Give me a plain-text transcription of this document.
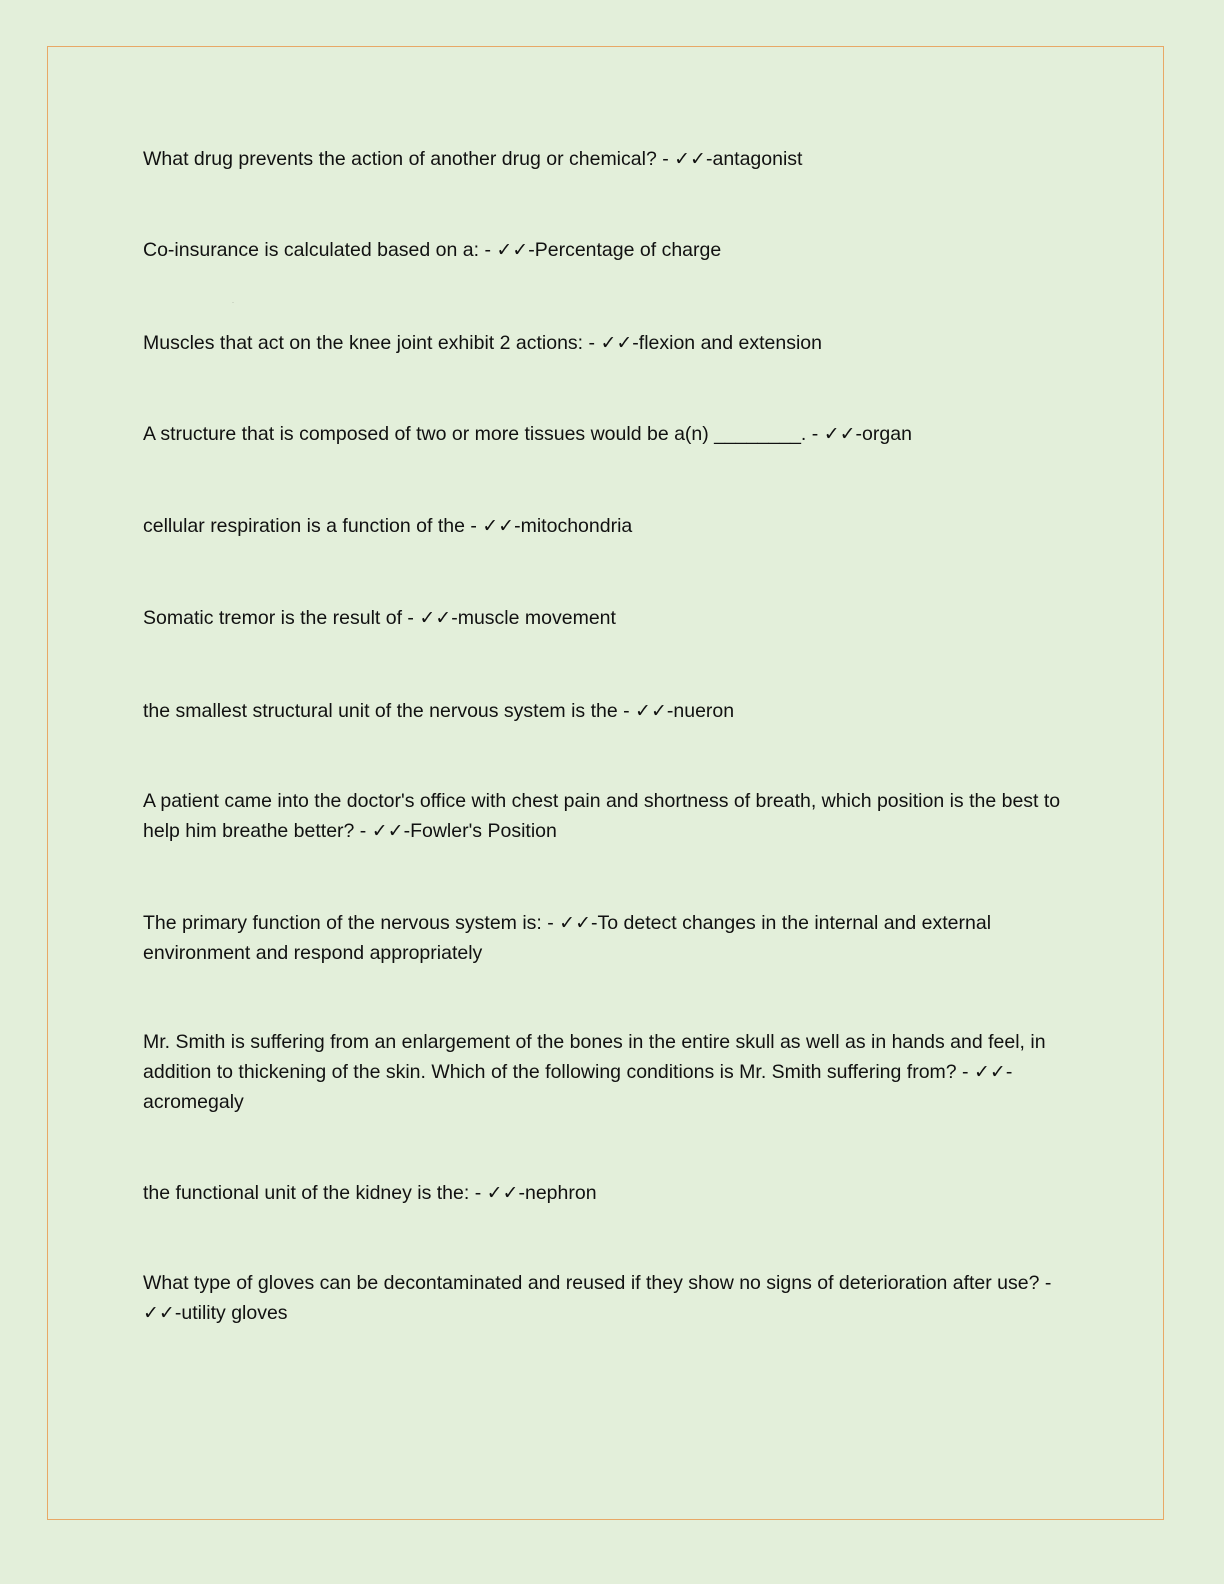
What drug prevents the action of another drug or chemical? - ✓✓-antagonist

Co-insurance is calculated based on a: - ✓✓-Percentage of charge

Muscles that act on the knee joint exhibit 2 actions: - ✓✓-flexion and extension

A structure that is composed of two or more tissues would be a(n) ________. - ✓✓-organ

cellular respiration is a function of the - ✓✓-mitochondria

Somatic tremor is the result of - ✓✓-muscle movement

the smallest structural unit of the nervous system is the - ✓✓-nueron

A patient came into the doctor's office with chest pain and shortness of breath, which position is the best to help him breathe better? - ✓✓-Fowler's Position

The primary function of the nervous system is: - ✓✓-To detect changes in the internal and external environment and respond appropriately

Mr. Smith is suffering from an enlargement of the bones in the entire skull as well as in hands and feel, in addition to thickening of the skin. Which of the following conditions is Mr. Smith suffering from? - ✓✓-acromegaly

the functional unit of the kidney is the: - ✓✓-nephron

What type of gloves can be decontaminated and reused if they show no signs of deterioration after use? - ✓✓-utility gloves
